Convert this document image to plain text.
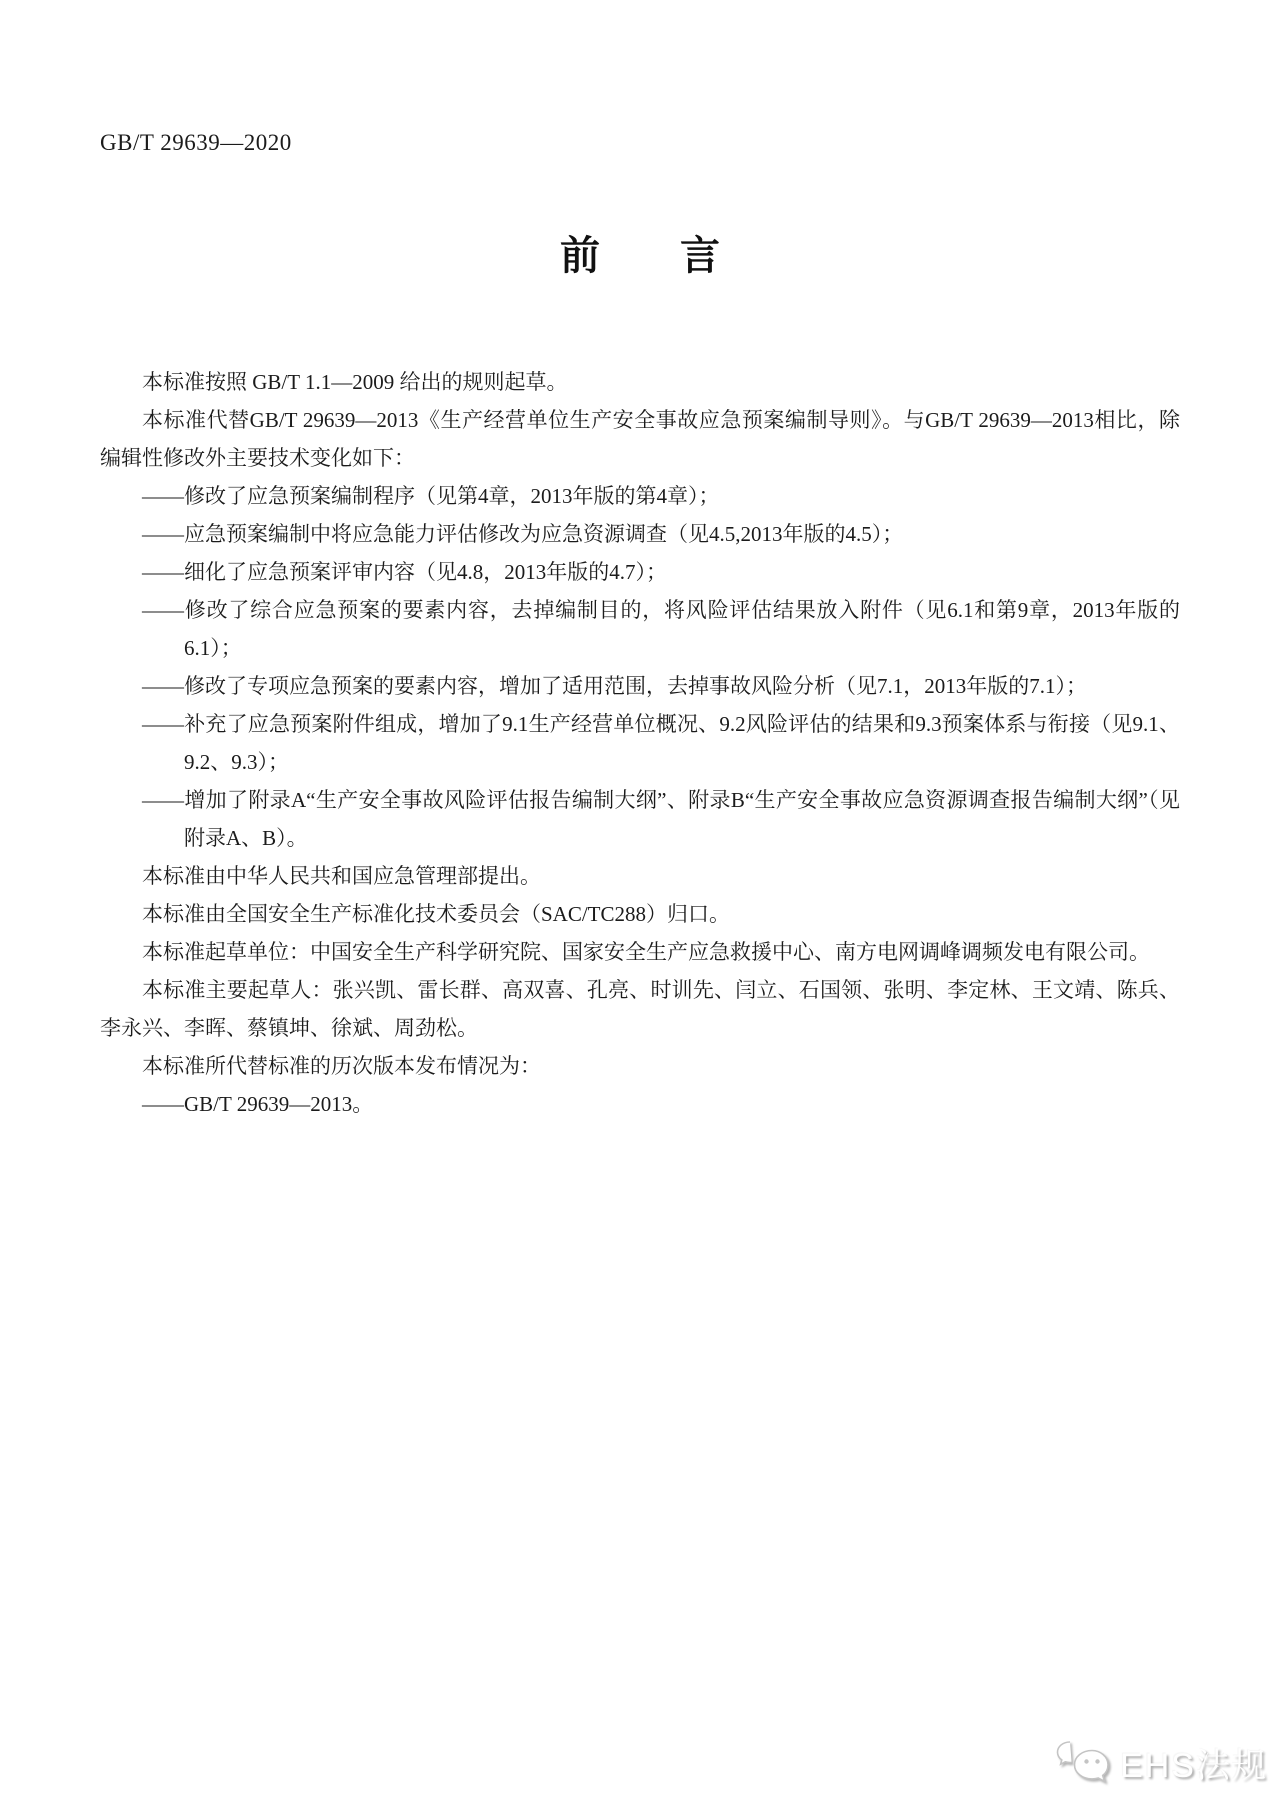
GB/T 29639—2020
前　　言

本标准按照 GB/T 1.1—2009 给出的规则起草。

本标准代替GB/T 29639—2013《生产经营单位生产安全事故应急预案编制导则》。与GB/T 29639—2013相比，除编辑性修改外主要技术变化如下：

——修改了应急预案编制程序（见第4章，2013年版的第4章）；
——应急预案编制中将应急能力评估修改为应急资源调查（见4.5,2013年版的4.5）；
——细化了应急预案评审内容（见4.8，2013年版的4.7）；
——修改了综合应急预案的要素内容，去掉编制目的，将风险评估结果放入附件（见6.1和第9章，2013年版的6.1）；
——修改了专项应急预案的要素内容，增加了适用范围，去掉事故风险分析（见7.1，2013年版的7.1）；
——补充了应急预案附件组成，增加了9.1生产经营单位概况、9.2风险评估的结果和9.3预案体系与衔接（见9.1、9.2、9.3）；
——增加了附录A“生产安全事故风险评估报告编制大纲”、附录B“生产安全事故应急资源调查报告编制大纲”（见附录A、B）。

本标准由中华人民共和国应急管理部提出。

本标准由全国安全生产标准化技术委员会（SAC/TC288）归口。

本标准起草单位：中国安全生产科学研究院、国家安全生产应急救援中心、南方电网调峰调频发电有限公司。

本标准主要起草人：张兴凯、雷长群、高双喜、孔亮、时训先、闫立、石国领、张明、李定林、王文靖、陈兵、李永兴、李晖、蔡镇坤、徐斌、周劲松。

本标准所代替标准的历次版本发布情况为：

——GB/T 29639—2013。
EHS法规
